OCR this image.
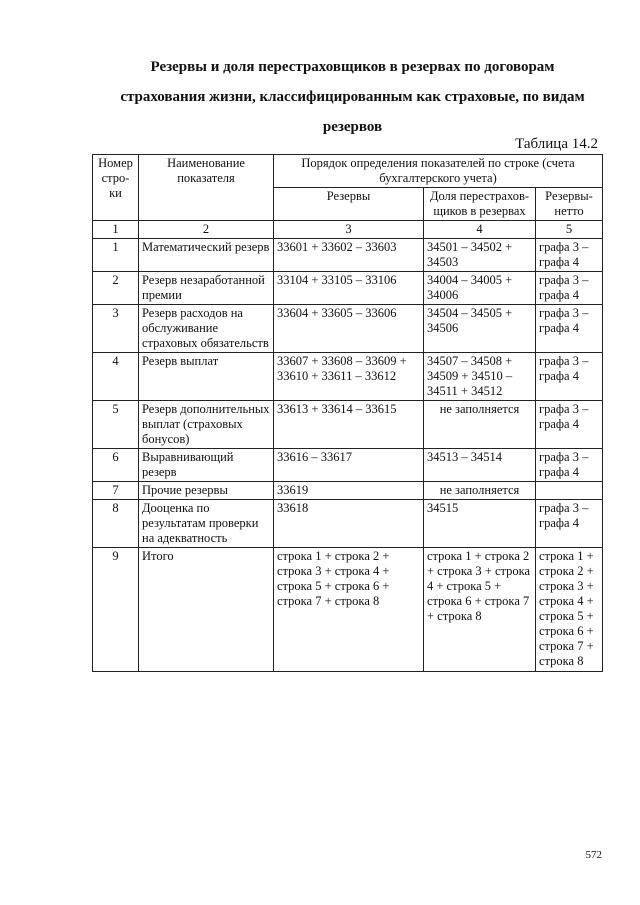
Резервы и доля перестраховщиков в резервах по договорам
страхования жизни, классифицированным как страховые, по видам
резервов
Таблица 14.2
Номер стро-ки	Наименование показателя	Порядок определения показателей по строке (счета бухгалтерского учета)		
		Резервы	Доля перестрахов-щиков в резервах	Резервы-нетто
1	2	3	4	5
1	Математический резерв	33601 + 33602 – 33603	34501 – 34502 + 34503	графа 3 – графа 4
2	Резерв незаработанной премии	33104 + 33105 – 33106	34004 – 34005 + 34006	графа 3 – графа 4
3	Резерв расходов на обслуживание страховых обязательств	33604 + 33605 – 33606	34504 – 34505 + 34506	графа 3 – графа 4
4	Резерв выплат	33607 + 33608 – 33609 + 33610 + 33611 – 33612	34507 – 34508 + 34509 + 34510 – 34511 + 34512	графа 3 – графа 4
5	Резерв дополнительных выплат (страховых бонусов)	33613 + 33614 – 33615	не заполняется	графа 3 – графа 4
6	Выравнивающий резерв	33616 – 33617	34513 – 34514	графа 3 – графа 4
7	Прочие резервы	33619	не заполняется	
8	Дооценка по результатам проверки на адекватность	33618	34515	графа 3 – графа 4
9	Итого	строка 1 + строка 2 + строка 3 + строка 4 + строка 5 + строка 6 + строка 7 + строка 8	строка 1 + строка 2 + строка 3 + строка 4 + строка 5 + строка 6 + строка 7 + строка 8	строка 1 + строка 2 + строка 3 + строка 4 + строка 5 + строка 6 + строка 7 + строка 8
572
